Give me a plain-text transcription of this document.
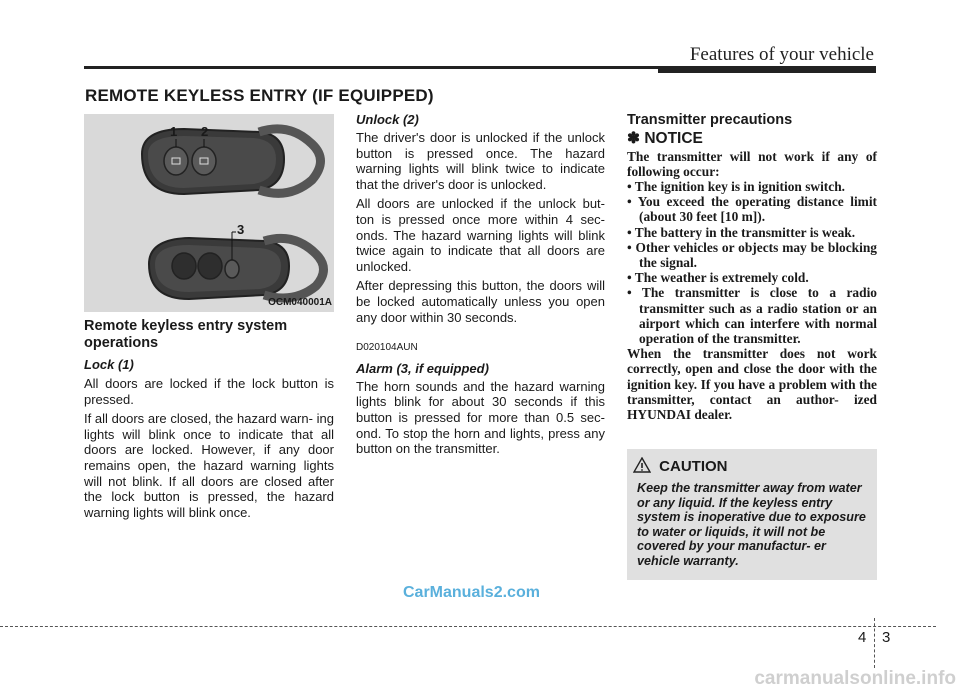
Features of your vehicle
REMOTE KEYLESS ENTRY (IF EQUIPPED)
1 2
3
OCM040001A
Remote keyless entry system operations
Lock (1)

All doors are locked if the lock button is pressed.

If all doors are closed, the hazard warn- ing lights will blink once to indicate that all doors are locked. However, if any door remains open, the hazard warning lights will not blink. If all doors are closed after the lock button is pressed, the hazard warning lights will blink once.

Unlock (2)

The driver's door is unlocked if the unlock button is pressed once. The hazard warning lights will blink twice to indicate that the driver's door is unlocked.

All doors are unlocked if the unlock but- ton is pressed once more within 4 sec- onds. The hazard warning lights will blink twice again to indicate that all doors are unlocked.

After depressing this button, the doors will be locked automatically unless you open any door within 30 seconds.

D020104AUN
Alarm (3, if equipped)

The horn sounds and the hazard warning lights blink for about 30 seconds if this button is pressed for more than 0.5 sec- ond. To stop the horn and lights, press any button on the transmitter.

Transmitter precautions
✽ NOTICE

The transmitter will not work if any of following occur:

• The ignition key is in ignition switch.
• You exceed the operating distance limit (about 30 feet [10 m]).
• The battery in the transmitter is weak.
• Other vehicles or objects may be blocking the signal.
• The weather is extremely cold.
• The transmitter is close to a radio transmitter such as a radio station or an airport which can interfere with normal operation of the transmitter.

When the transmitter does not work correctly, open and close the door with the ignition key. If you have a problem with the transmitter, contact an author- ized HYUNDAI dealer.

CAUTION
Keep the transmitter away from water or any liquid. If the keyless entry system is inoperative due to exposure to water or liquids, it will not be covered by your manufactur- er vehicle warranty.
CarManuals2.com
4 3
carmanualsonline.info
